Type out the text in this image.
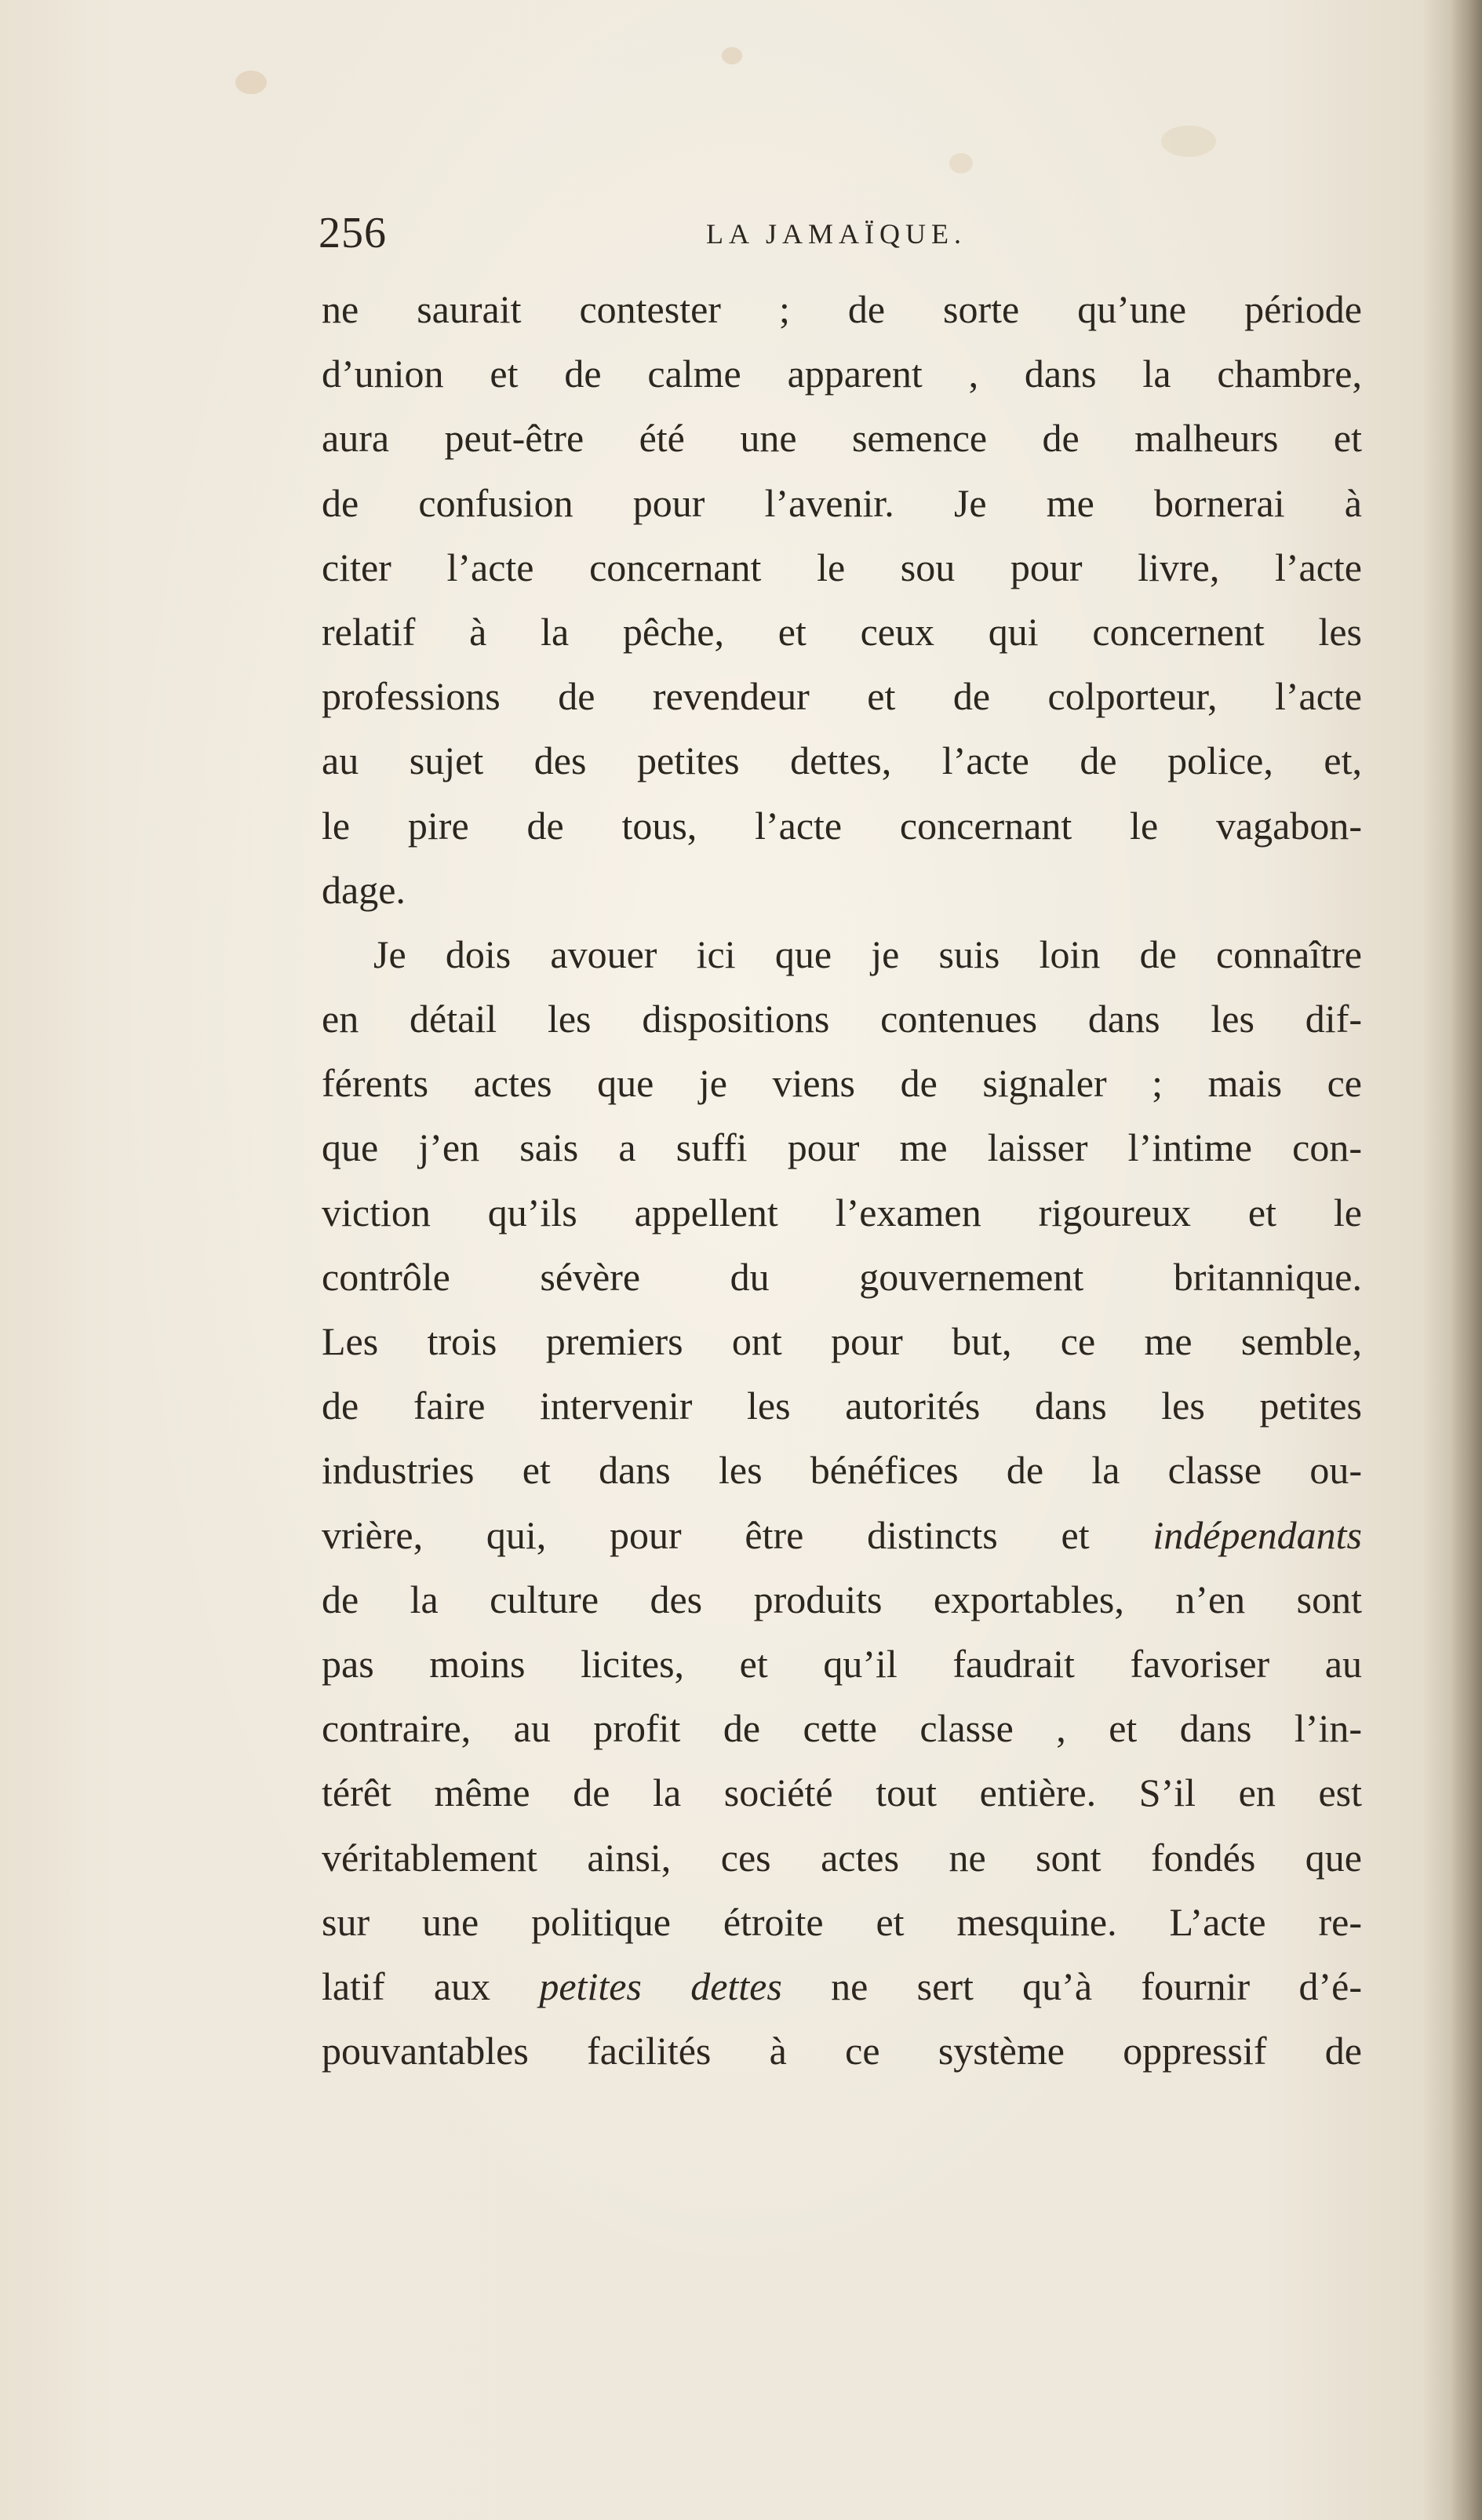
256	LA JAMAÏQUE.
ne saurait contester ; de sorte qu’une période
d’union et de calme apparent , dans la chambre,
aura peut-être été une semence de malheurs et
de confusion pour l’avenir. Je me bornerai à
citer l’acte concernant le sou pour livre, l’acte
relatif à la pêche, et ceux qui concernent les
professions de revendeur et de colporteur, l’acte
au sujet des petites dettes, l’acte de police, et,
le pire de tous, l’acte concernant le vagabon-
dage.
Je dois avouer ici que je suis loin de connaître
en détail les dispositions contenues dans les dif-
férents actes que je viens de signaler ; mais ce
que j’en sais a suffi pour me laisser l’intime con-
viction qu’ils appellent l’examen rigoureux et le
contrôle sévère du gouvernement britannique.
Les trois premiers ont pour but, ce me semble,
de faire intervenir les autorités dans les petites
industries et dans les bénéfices de la classe ou-
vrière, qui, pour être distincts et indépendants
de la culture des produits exportables, n’en sont
pas moins licites, et qu’il faudrait favoriser au
contraire, au profit de cette classe , et dans l’in-
térêt même de la société tout entière. S’il en est
véritablement ainsi, ces actes ne sont fondés que
sur une politique étroite et mesquine. L’acte re-
latif aux petites dettes ne sert qu’à fournir d’é-
pouvantables facilités à ce système oppressif de
